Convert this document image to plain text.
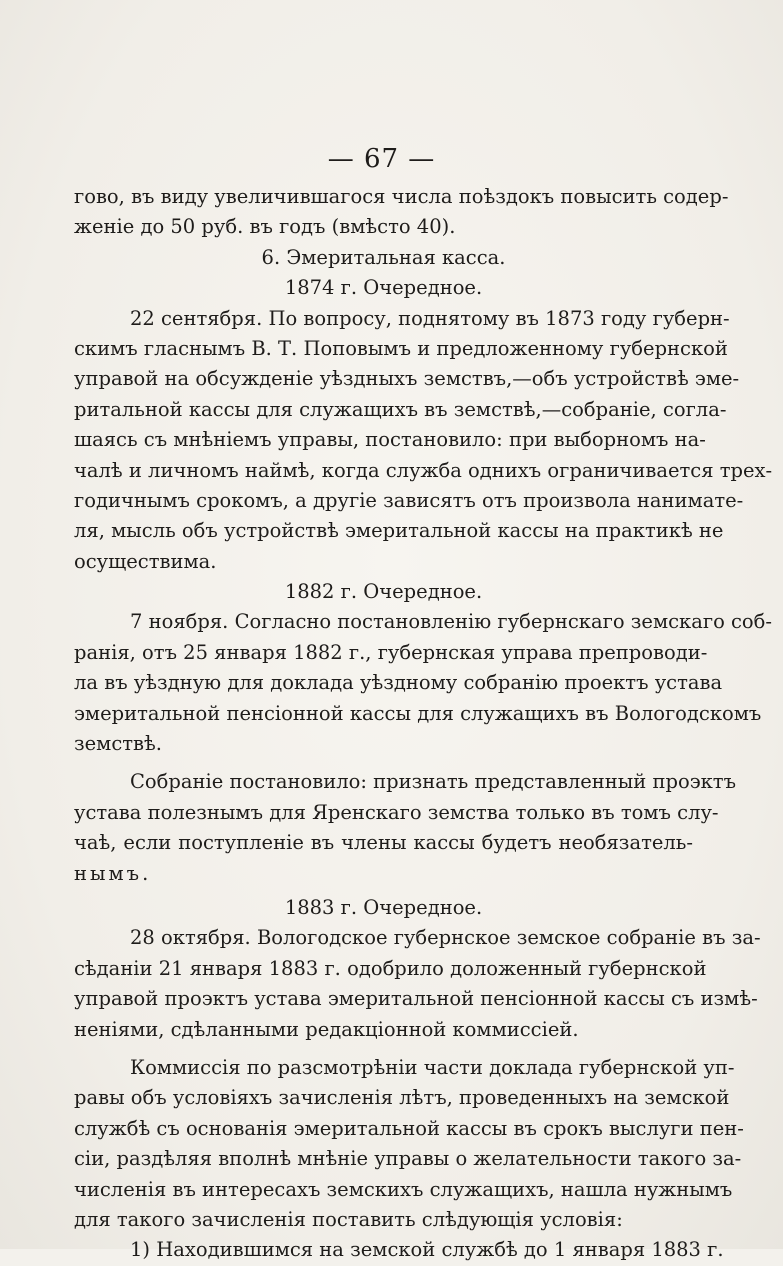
— 67 —
гово, въ виду увеличившагося числа поѣздокъ повысить содер-
женіе до 50 руб. въ годъ (вмѣсто 40).
6. Эмеритальная касса.
1874 г. Очередное.
22 сентября. По вопросу, поднятому въ 1873 году губерн-
скимъ гласнымъ В. Т. Поповымъ и предложенному губернской
управой на обсужденіе уѣздныхъ земствъ,—объ устройствѣ эме-
ритальной кассы для служащихъ въ земствѣ,—собраніе, согла-
шаясь съ мнѣніемъ управы, постановило: при выборномъ на-
чалѣ и личномъ наймѣ, когда служба однихъ ограничивается трех-
годичнымъ срокомъ, а другіе зависятъ отъ произвола нанимате-
ля, мысль объ устройствѣ эмеритальной кассы на практикѣ не
осуществима.
1882 г. Очередное.
7 ноября. Согласно постановленію губернскаго земскаго соб-
ранія, отъ 25 января 1882 г., губернская управа препроводи-
ла въ уѣздную для доклада уѣздному собранію проектъ устава
эмеритальной пенсіонной кассы для служащихъ въ Вологодскомъ
земствѣ.
Собраніе постановило: признать представленный проэктъ
устава полезнымъ для Яренскаго земства только въ томъ слу-
чаѣ, если поступленіе въ члены кассы будетъ необязатель-
нымъ.
1883 г. Очередное.
28 октября. Вологодское губернское земское собраніе въ за-
сѣданіи 21 января 1883 г. одобрило доложенный губернской
управой проэктъ устава эмеритальной пенсіонной кассы съ измѣ-
неніями, сдѣланными редакціонной коммиссіей.
Коммиссія по разсмотрѣніи части доклада губернской уп-
равы объ условіяхъ зачисленія лѣтъ, проведенныхъ на земской
службѣ съ основанія эмеритальной кассы въ срокъ выслуги пен-
сіи, раздѣляя вполнѣ мнѣніе управы о желательности такого за-
численія въ интересахъ земскихъ служащихъ, нашла нужнымъ
для такого зачисленія поставить слѣдующія условія:
1) Находившимся на земской службѣ до 1 января 1883 г.
